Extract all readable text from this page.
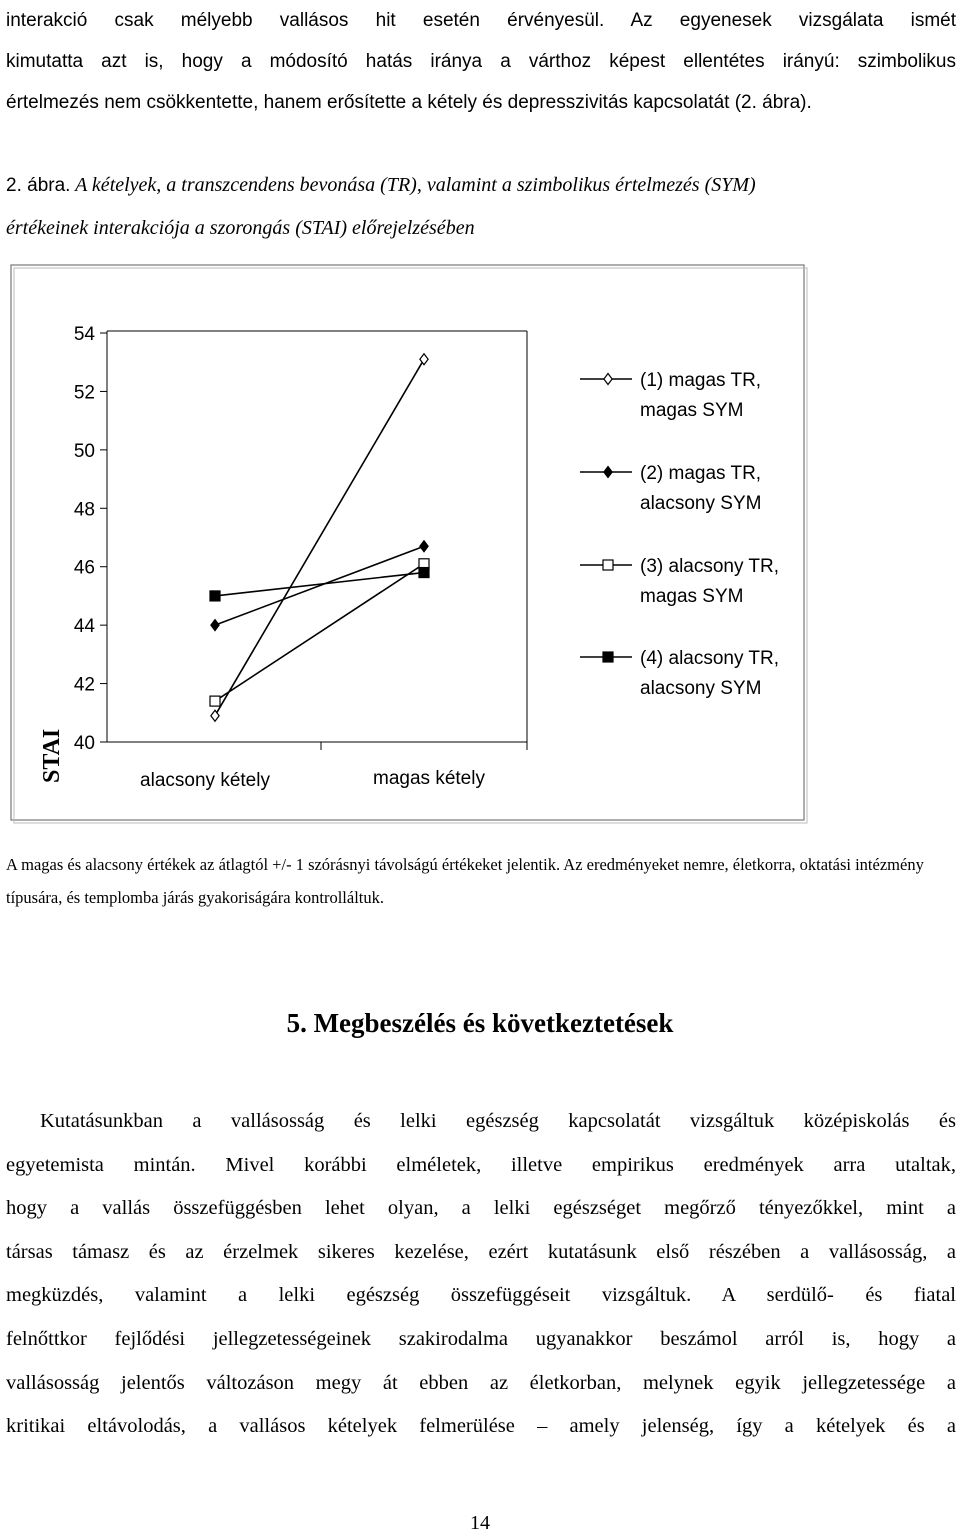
interakció csak mélyebb vallásos hit esetén érvényesül. Az egyenesek vizsgálata ismét
kimutatta azt is, hogy a módosító hatás iránya a várthoz képest ellentétes irányú: szimbolikus
értelmezés nem csökkentette, hanem erősítette a kétely és depresszivitás kapcsolatát (2. ábra).
2. ábra. A kételyek, a transzcendens bevonása (TR), valamint a szimbolikus értelmezés (SYM)
értékeinek interakciója a szorongás (STAI) előrejelzésében
40
42
44
46
48
50
52
54
STAI	alacsony kétely	magas kétely
(1) magas TR,
magas SYM
(2) magas TR,
alacsony SYM
(3) alacsony TR,
magas SYM
(4) alacsony TR,
alacsony SYM
A magas és alacsony értékek az átlagtól +/- 1 szórásnyi távolságú értékeket jelentik. Az eredményeket nemre, életkorra, oktatási intézmény típusára, és templomba járás gyakoriságára kontrolláltuk.
5. Megbeszélés és következtetések
Kutatásunkban a vallásosság és lelki egészség kapcsolatát vizsgáltuk középiskolás és
egyetemista mintán. Mivel korábbi elméletek, illetve empirikus eredmények arra utaltak,
hogy a vallás összefüggésben lehet olyan, a lelki egészséget megőrző tényezőkkel, mint a
társas támasz és az érzelmek sikeres kezelése, ezért kutatásunk első részében a vallásosság, a
megküzdés, valamint a lelki egészség összefüggéseit vizsgáltuk. A serdülő- és fiatal
felnőttkor fejlődési jellegzetességeinek szakirodalma ugyanakkor beszámol arról is, hogy a
vallásosság jelentős változáson megy át ebben az életkorban, melynek egyik jellegzetessége a
kritikai eltávolodás, a vallásos kételyek felmerülése – amely jelenség, így a kételyek és a
14
